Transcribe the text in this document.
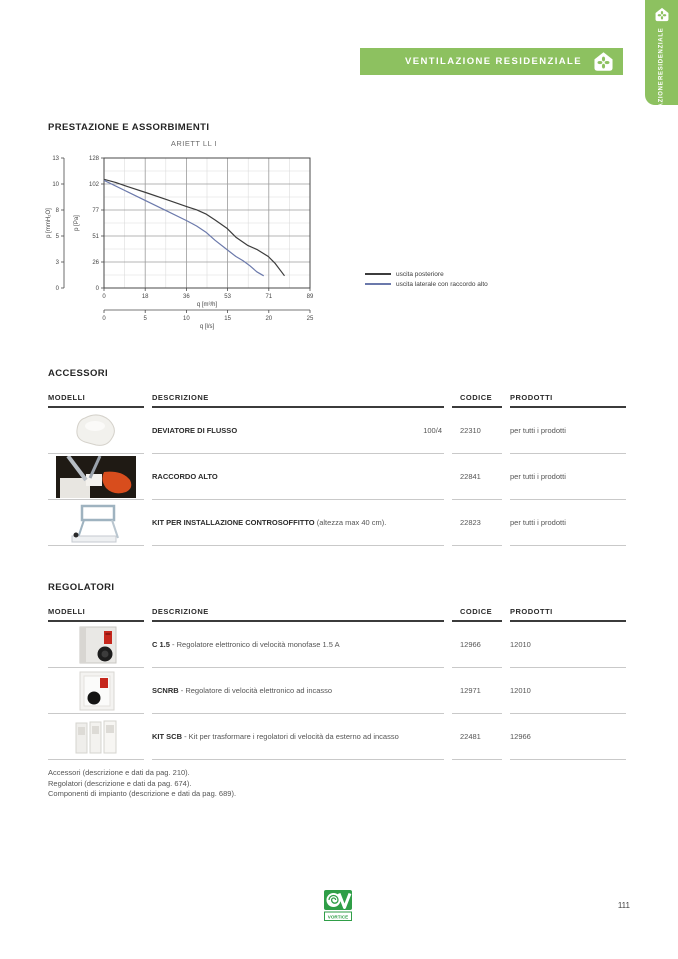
VENTILAZIONE RESIDENZIALE
VENTILAZIONE
RESIDENZIALE
PRESTAZIONE E ASSORBIMENTI
ARIETT LL I
0	18	36	53	71	89
q [m³/h]
0
26
51
77
102
128
p [Pa]
0
3
5
8
10
13
p [mmH₂O]
0	5	10	15	20	25
q [l/s]
uscita posteriore
uscita laterale con raccordo alto
ACCESSORI
MODELLI	DESCRIZIONE	CODICE	PRODOTTI
DEVIATORE DI FLUSSO	100/4	22310	per tutti i prodotti
RACCORDO ALTO	22841	per tutti i prodotti
KIT PER INSTALLAZIONE CONTROSOFFITTO (altezza max 40 cm).	22823	per tutti i prodotti
REGOLATORI
MODELLI	DESCRIZIONE	CODICE	PRODOTTI
C 1.5 - Regolatore elettronico di velocità monofase 1.5 A	12966	12010
SCNRB - Regolatore di velocità elettronico ad incasso	12971	12010
KIT SCB - Kit per trasformare i regolatori di velocità da esterno ad incasso	22481	12966
Accessori (descrizione e dati da pag. 210).
Regolatori (descrizione e dati da pag. 674).
Componenti di impianto (descrizione e dati da pag. 689).
VORTICE
111
